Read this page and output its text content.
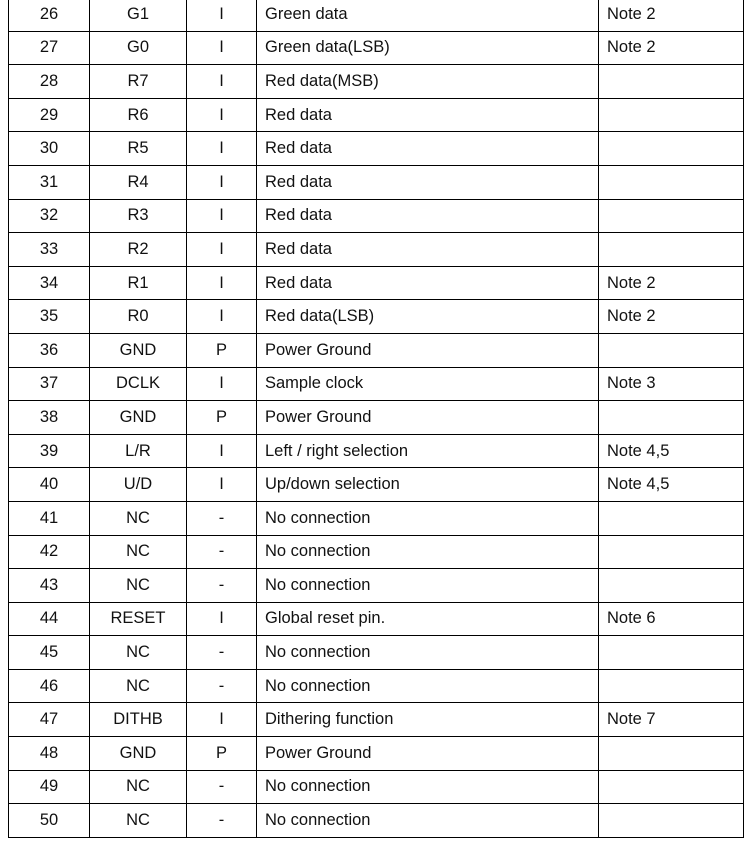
26	G1	I	Green data	Note 2
27	G0	I	Green data(LSB)	Note 2
28	R7	I	Red data(MSB)	
29	R6	I	Red data	
30	R5	I	Red data	
31	R4	I	Red data	
32	R3	I	Red data	
33	R2	I	Red data	
34	R1	I	Red data	Note 2
35	R0	I	Red data(LSB)	Note 2
36	GND	P	Power Ground	
37	DCLK	I	Sample clock	Note 3
38	GND	P	Power Ground	
39	L/R	I	Left / right selection	Note 4,5
40	U/D	I	Up/down selection	Note 4,5
41	NC	-	No connection	
42	NC	-	No connection	
43	NC	-	No connection	
44	RESET	I	Global reset pin.	Note 6
45	NC	-	No connection	
46	NC	-	No connection	
47	DITHB	I	Dithering function	Note 7
48	GND	P	Power Ground	
49	NC	-	No connection	
50	NC	-	No connection	
